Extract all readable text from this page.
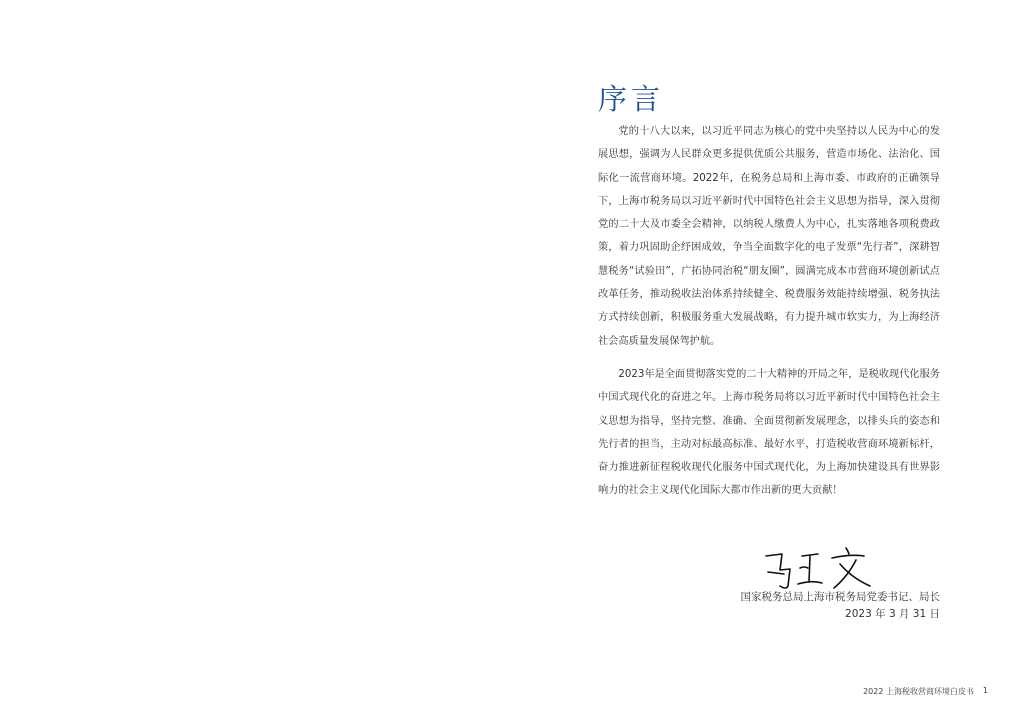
序言

党的十八大以来，以习近平同志为核心的党中央坚持以人民为中心的发展思想，强调为人民群众更多提供优质公共服务，营造市场化、法治化、国际化一流营商环境。2022年，在税务总局和上海市委、市政府的正确领导下，上海市税务局以习近平新时代中国特色社会主义思想为指导，深入贯彻党的二十大及市委全会精神，以纳税人缴费人为中心，扎实落地各项税费政策，着力巩固助企纾困成效，争当全面数字化的电子发票“先行者”，深耕智慧税务“试验田”，广拓协同治税“朋友圈”，圆满完成本市营商环境创新试点改革任务，推动税收法治体系持续健全、税费服务效能持续增强、税务执法方式持续创新，积极服务重大发展战略，有力提升城市软实力，为上海经济社会高质量发展保驾护航。

2023年是全面贯彻落实党的二十大精神的开局之年，是税收现代化服务中国式现代化的奋进之年。上海市税务局将以习近平新时代中国特色社会主义思想为指导，坚持完整、准确、全面贯彻新发展理念，以排头兵的姿态和先行者的担当，主动对标最高标准、最好水平，打造税收营商环境新标杆，奋力推进新征程税收现代化服务中国式现代化，为上海加快建设具有世界影响力的社会主义现代化国际大都市作出新的更大贡献！

国家税务总局上海市税务局党委书记、局长
2023 年 3 月 31 日
2022 上海税收营商环境白皮书 1
